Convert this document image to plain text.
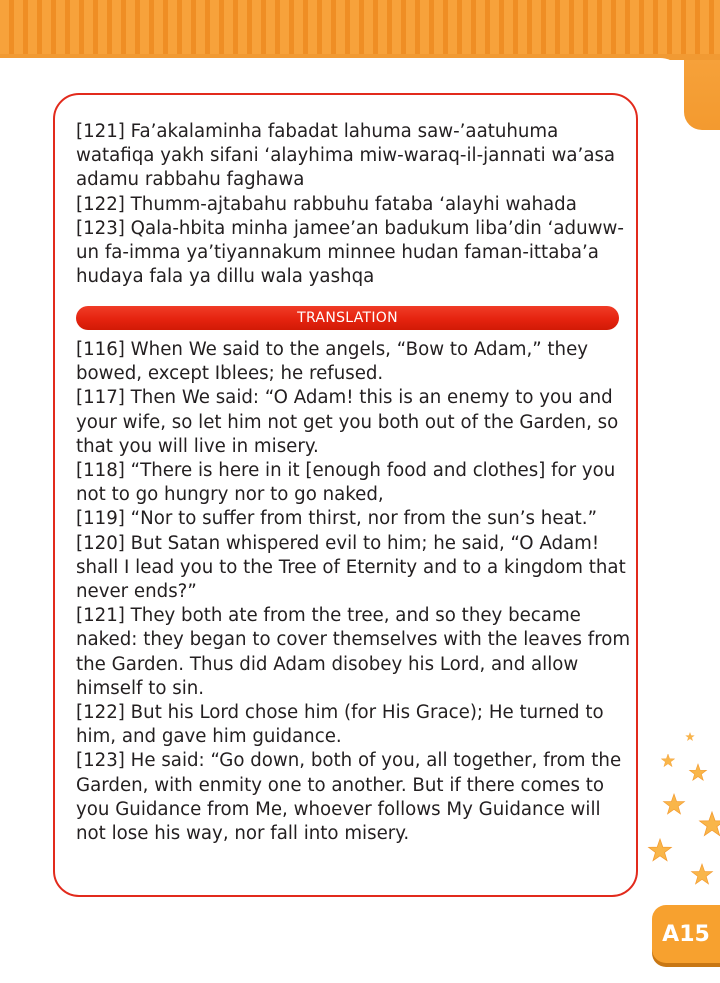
[121] Fa’akalaminha fabadat lahuma saw-’aatuhuma watafiqa yakh sifani ‘alayhima miw-waraq-il-jannati wa’asa adamu rabbahu faghawa

[122] Thumm-ajtabahu rabbuhu fataba ‘alayhi wahada

[123] Qala-hbita minha jamee’an badukum liba’din ‘aduww-un fa-imma ya’tiyannakum minnee hudan faman-ittaba’a hudaya fala ya dillu wala yashqa

TRANSLATION

[116] When We said to the angels, “Bow to Adam,” they bowed, except Iblees; he refused.

[117] Then We said: “O Adam! this is an enemy to you and your wife, so let him not get you both out of the Garden, so that you will live in misery.

[118] “There is here in it [enough food and clothes] for you not to go hungry nor to go naked,

[119] “Nor to suffer from thirst, nor from the sun’s heat.”

[120] But Satan whispered evil to him; he said, “O Adam! shall I lead you to the Tree of Eternity and to a kingdom that never ends?”

[121] They both ate from the tree, and so they became naked: they began to cover themselves with the leaves from the Garden. Thus did Adam disobey his Lord, and allow himself to sin.

[122] But his Lord chose him (for His Grace); He turned to him, and gave him guidance.

[123] He said: “Go down, both of you, all together, from the Garden, with enmity one to another. But if there comes to you Guidance from Me, whoever follows My Guidance will not lose his way, nor fall into misery.

A15
